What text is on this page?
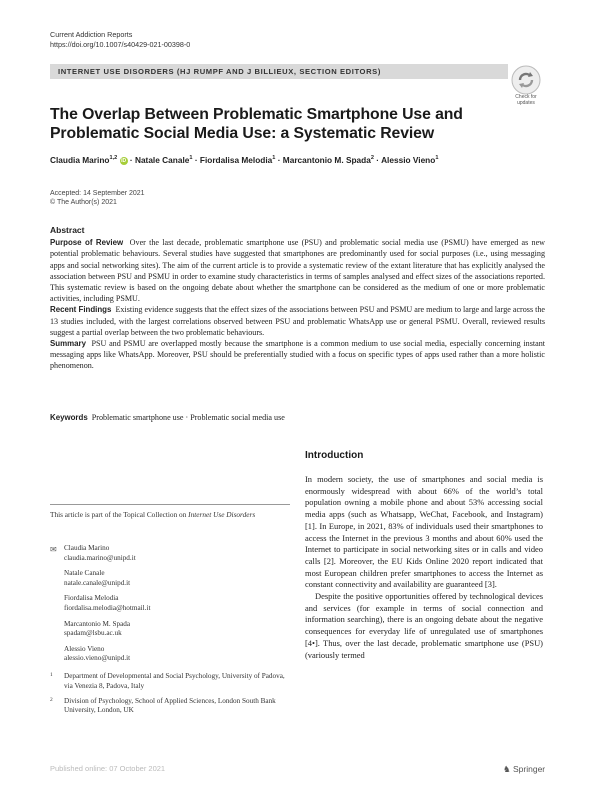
Current Addiction Reports
https://doi.org/10.1007/s40429-021-00398-0
INTERNET USE DISORDERS (HJ RUMPF AND J BILLIEUX, SECTION EDITORS)
Check for updates
The Overlap Between Problematic Smartphone Use and Problematic Social Media Use: a Systematic Review
Claudia Marino$^{1,2}$ iD · Natale Canale$^1$ · Fiordalisa Melodia$^1$ · Marcantonio M. Spada$^2$ · Alessio Vieno$^1$
Accepted: 14 September 2021
© The Author(s) 2021
Abstract

Purpose of Review Over the last decade, problematic smartphone use (PSU) and problematic social media use (PSMU) have emerged as new potential problematic behaviours. Several studies have suggested that smartphones are predominantly used for social purposes (i.e., using messaging apps and social networking sites). The aim of the current article is to provide a systematic review of the extant literature that has explicitly analysed the association between PSU and PSMU in order to examine study characteristics in terms of samples analysed and effect sizes of the associations reported. This systematic review is based on the ongoing debate about whether the smartphone can be considered as the medium of one or more problematic activities, including PSMU.

Recent Findings Existing evidence suggests that the effect sizes of the associations between PSU and PSMU are medium to large and large across the 13 studies included, with the largest correlations observed between PSU and problematic WhatsApp use or general PSMU. Overall, reviewed results suggest a partial overlap between the two problematic behaviours.

Summary PSU and PSMU are overlapped mostly because the smartphone is a common medium to use social media, especially concerning instant messaging apps like WhatsApp. Moreover, PSU should be preferentially studied with a focus on specific types of apps used rather than a more holistic phenomenon.

Keywords Problematic smartphone use · Problematic social media use
This article is part of the Topical Collection on Internet Use Disorders
✉ Claudia Marino
claudia.marino@unipd.it
Natale Canale
natale.canale@unipd.it
Fiordalisa Melodia
fiordalisa.melodia@hotmail.it
Marcantonio M. Spada
spadam@lsbu.ac.uk
Alessio Vieno
alessio.vieno@unipd.it
1 Department of Developmental and Social Psychology, University of Padova, via Venezia 8, Padova, Italy
2 Division of Psychology, School of Applied Sciences, London South Bank University, London, UK
Introduction

In modern society, the use of smartphones and social media is enormously widespread with about 66% of the world’s total population owning a mobile phone and about 53% accessing social media apps (such as Whatsapp, WeChat, Facebook, and Instagram) [1]. In Europe, in 2021, 83% of individuals used their smartphones to access the Internet in the previous 3 months and about 60% used the Internet to participate in social networking sites or in calls and video calls [2]. Moreover, the EU Kids Online 2020 report indicated that most European children prefer smartphones to access the Internet as constant connectivity and availability are guaranteed [3].

Despite the positive opportunities offered by technological devices and services (for example in terms of social connection and information searching), there is an ongoing debate about the negative consequences for everyday life of unregulated use of smartphones [4•]. Thus, over the last decade, problematic smartphone use (PSU) (variously termed

Published online: 07 October 2021	♞ Springer
